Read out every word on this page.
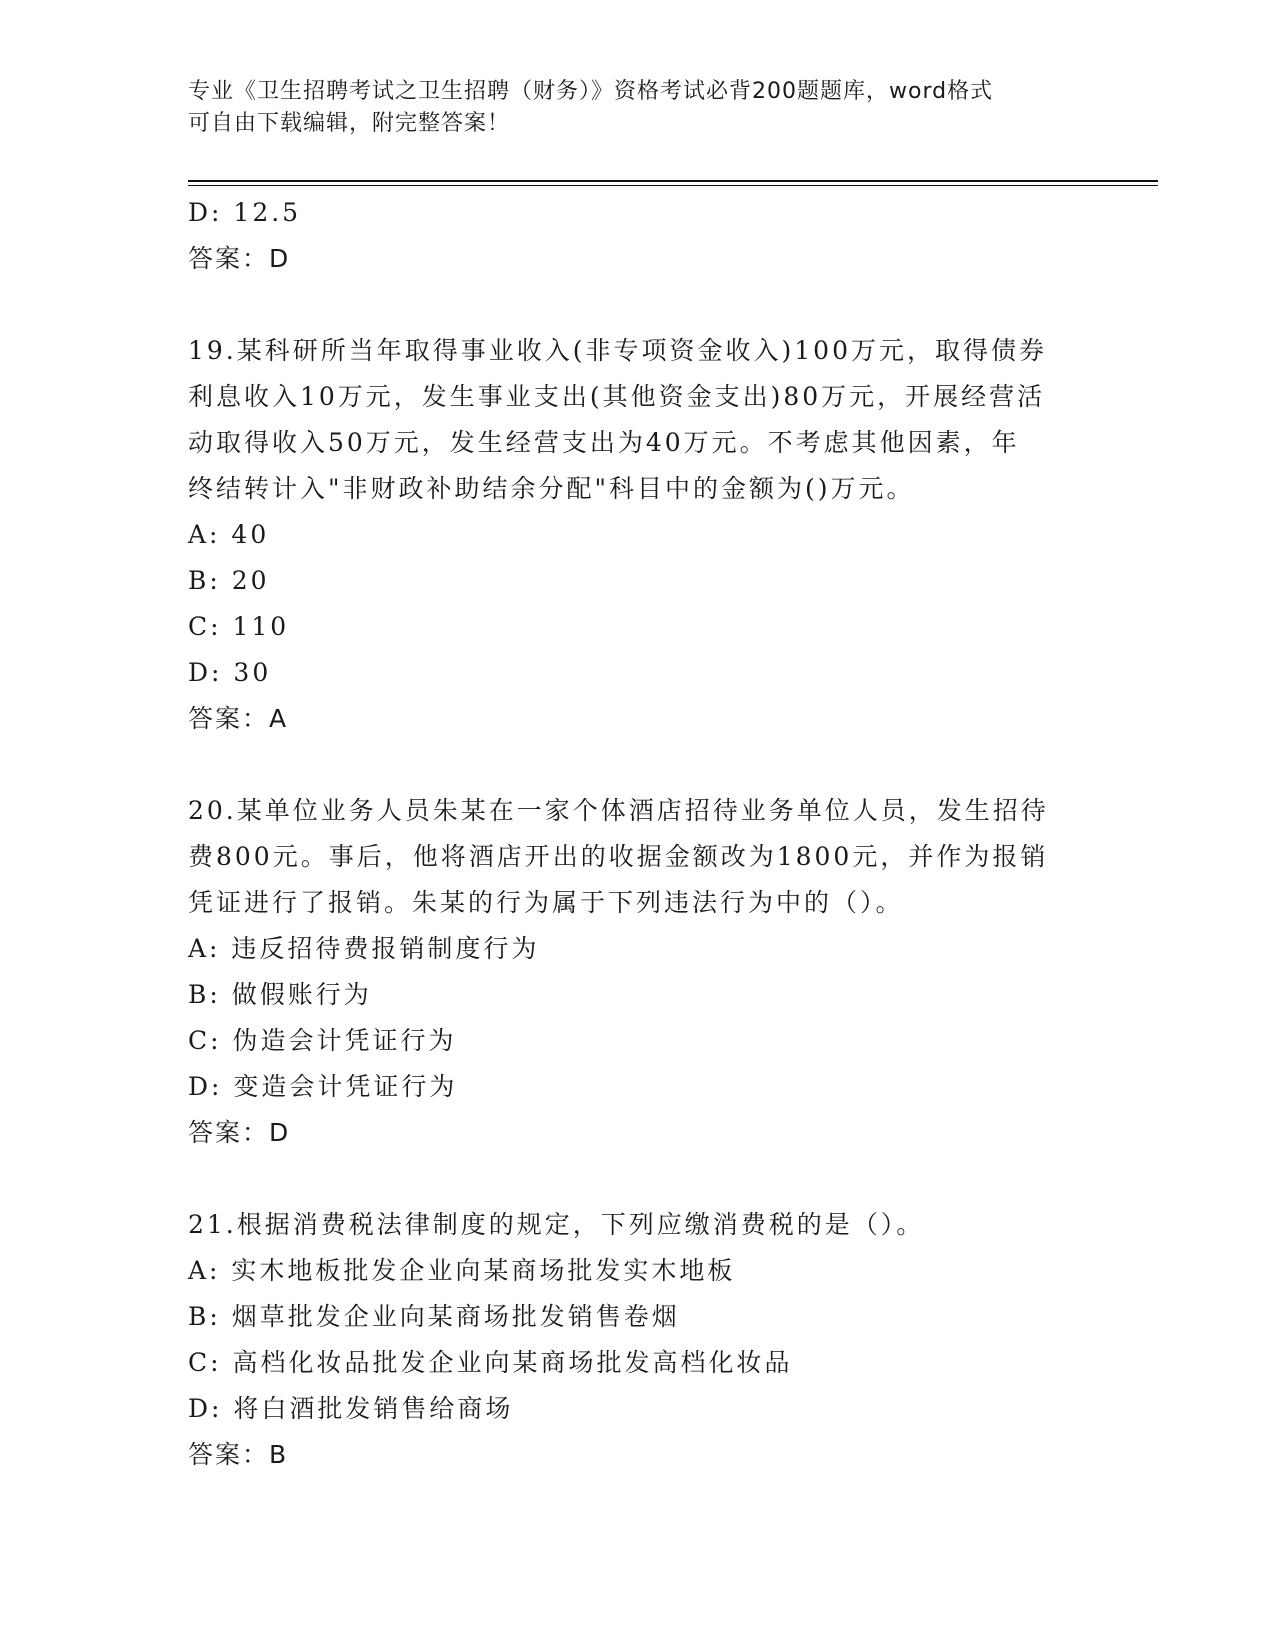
专业《卫生招聘考试之卫生招聘（财务）》资格考试必背200题题库，word格式
可自由下载编辑，附完整答案！
D: 12.5
答案：D
19.某科研所当年取得事业收入(非专项资金收入)100万元，取得债券
利息收入10万元，发生事业支出(其他资金支出)80万元，开展经营活
动取得收入50万元，发生经营支出为40万元。不考虑其他因素，年
终结转计入"非财政补助结余分配"科目中的金额为()万元。
A: 40
B: 20
C: 110
D: 30
答案：A
20.某单位业务人员朱某在一家个体酒店招待业务单位人员，发生招待
费800元。事后，他将酒店开出的收据金额改为1800元，并作为报销
凭证进行了报销。朱某的行为属于下列违法行为中的（）。
A: 违反招待费报销制度行为
B: 做假账行为
C: 伪造会计凭证行为
D: 变造会计凭证行为
答案：D
21.根据消费税法律制度的规定，下列应缴消费税的是（）。
A: 实木地板批发企业向某商场批发实木地板
B: 烟草批发企业向某商场批发销售卷烟
C: 高档化妆品批发企业向某商场批发高档化妆品
D: 将白酒批发销售给商场
答案：B
